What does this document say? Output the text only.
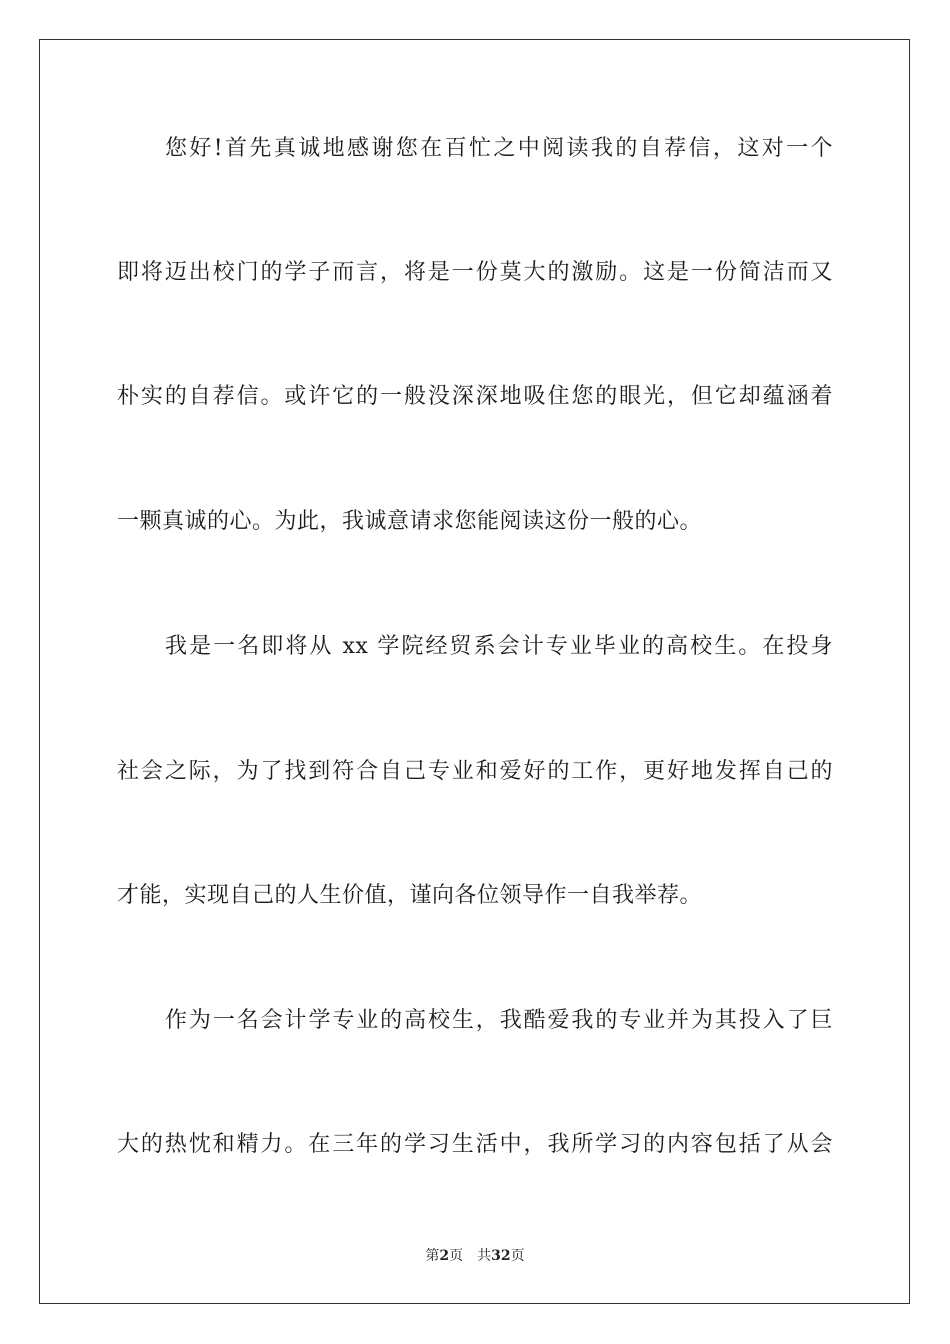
您好!首先真诚地感谢您在百忙之中阅读我的自荐信，这对一个
即将迈出校门的学子而言，将是一份莫大的激励。这是一份简洁而又
朴实的自荐信。或许它的一般没深深地吸住您的眼光，但它却蕴涵着
一颗真诚的心。为此，我诚意请求您能阅读这份一般的心。
我是一名即将从 xx 学院经贸系会计专业毕业的高校生。在投身
社会之际，为了找到符合自己专业和爱好的工作，更好地发挥自己的
才能，实现自己的人生价值，谨向各位领导作一自我举荐。
作为一名会计学专业的高校生，我酷爱我的专业并为其投入了巨
大的热忱和精力。在三年的学习生活中，我所学习的内容包括了从会
第2页 共32页
